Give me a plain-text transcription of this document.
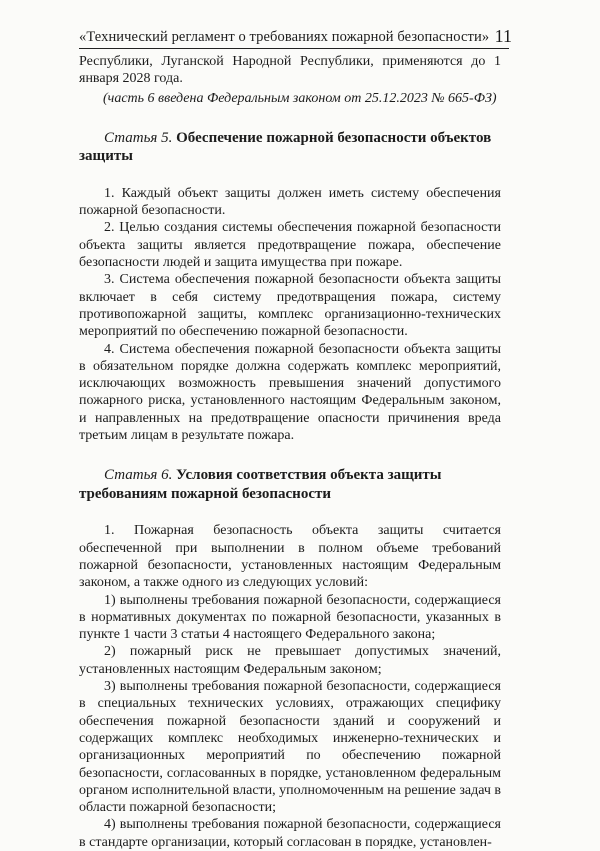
«Технический регламент о требованиях пожарной безопасности» 11

Республики, Луганской Народной Республики, применяются до 1 января 2028 года.

(часть 6 введена Федеральным законом от 25.12.2023 № 665-ФЗ)

Статья 5. Обеспечение пожарной безопасности объектов защиты

1. Каждый объект защиты должен иметь систему обеспечения пожарной безопасности.

2. Целью создания системы обеспечения пожарной безопасности объекта защиты является предотвращение пожара, обеспечение безопасности людей и защита имущества при пожаре.

3. Система обеспечения пожарной безопасности объекта защиты включает в себя систему предотвращения пожара, систему противопожарной защиты, комплекс организационно-технических мероприятий по обеспечению пожарной безопасности.

4. Система обеспечения пожарной безопасности объекта защиты в обязательном порядке должна содержать комплекс мероприятий, исключающих возможность превышения значений допустимого пожарного риска, установленного настоящим Федеральным законом, и направленных на предотвращение опасности причинения вреда третьим лицам в результате пожара.

Статья 6. Условия соответствия объекта защиты требованиям пожарной безопасности

1. Пожарная безопасность объекта защиты считается обеспеченной при выполнении в полном объеме требований пожарной безопасности, установленных настоящим Федеральным законом, а также одного из следующих условий:

1) выполнены требования пожарной безопасности, содержащиеся в нормативных документах по пожарной безопасности, указанных в пункте 1 части 3 статьи 4 настоящего Федерального закона;

2) пожарный риск не превышает допустимых значений, установленных настоящим Федеральным законом;

3) выполнены требования пожарной безопасности, содержащиеся в специальных технических условиях, отражающих специфику обеспечения пожарной безопасности зданий и сооружений и содержащих комплекс необходимых инженерно-технических и организационных мероприятий по обеспечению пожарной безопасности, согласованных в порядке, установленном федеральным органом исполнительной власти, уполномоченным на решение задач в области пожарной безопасности;

4) выполнены требования пожарной безопасности, содержащиеся в стандарте организации, который согласован в порядке, установлен-
